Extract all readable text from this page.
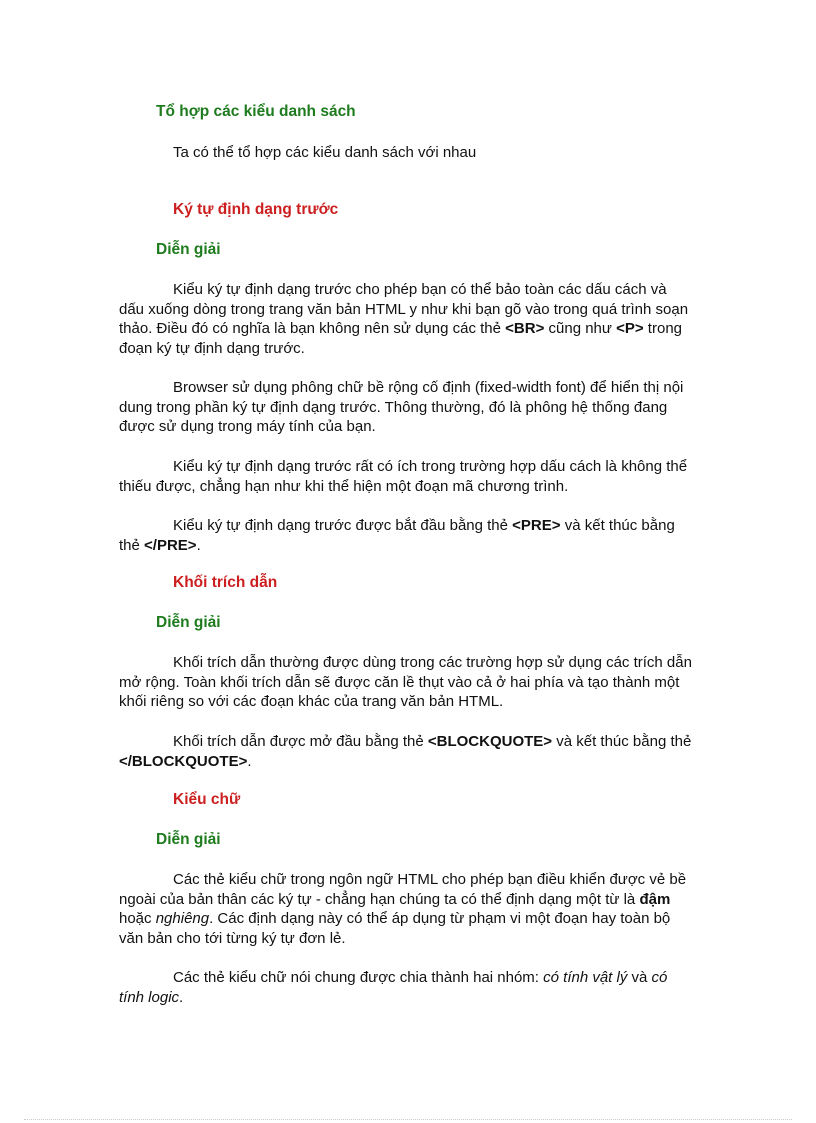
Tổ hợp các kiểu danh sách

Ta có thể tổ hợp các kiểu danh sách với nhau

Ký tự định dạng trước
Diễn giải

Kiểu ký tự định dạng trước cho phép bạn có thể bảo toàn các dấu cách và dấu xuống dòng trong trang văn bản HTML y như khi bạn gõ vào trong quá trình soạn thảo. Điều đó có nghĩa là bạn không nên sử dụng các thẻ <BR> cũng như <P> trong đoạn ký tự định dạng trước.

Browser sử dụng phông chữ bề rộng cố định (fixed-width font) để hiển thị nội dung trong phần ký tự định dạng trước. Thông thường, đó là phông hệ thống đang được sử dụng trong máy tính của bạn.

Kiểu ký tự định dạng trước rất có ích trong trường hợp dấu cách là không thể thiếu được, chẳng hạn như khi thể hiện một đoạn mã chương trình.

Kiểu ký tự định dạng trước được bắt đầu bằng thẻ <PRE> và kết thúc bằng thẻ </PRE>.

Khối trích dẫn
Diễn giải

Khối trích dẫn thường được dùng trong các trường hợp sử dụng các trích dẫn mở rộng. Toàn khối trích dẫn sẽ được căn lề thụt vào cả ở hai phía và tạo thành một khối riêng so với các đoạn khác của trang văn bản HTML.

Khối trích dẫn được mở đầu bằng thẻ <BLOCKQUOTE> và kết thúc bằng thẻ </BLOCKQUOTE>.

Kiểu chữ
Diễn giải

Các thẻ kiểu chữ trong ngôn ngữ HTML cho phép bạn điều khiển được vẻ bề ngoài của bản thân các ký tự - chẳng hạn chúng ta có thể định dạng một từ là đậm hoặc nghiêng. Các định dạng này có thể áp dụng từ phạm vi một đoạn hay toàn bộ văn bản cho tới từng ký tự đơn lẻ.

Các thẻ kiểu chữ nói chung được chia thành hai nhóm: có tính vật lý và có tính logic.
